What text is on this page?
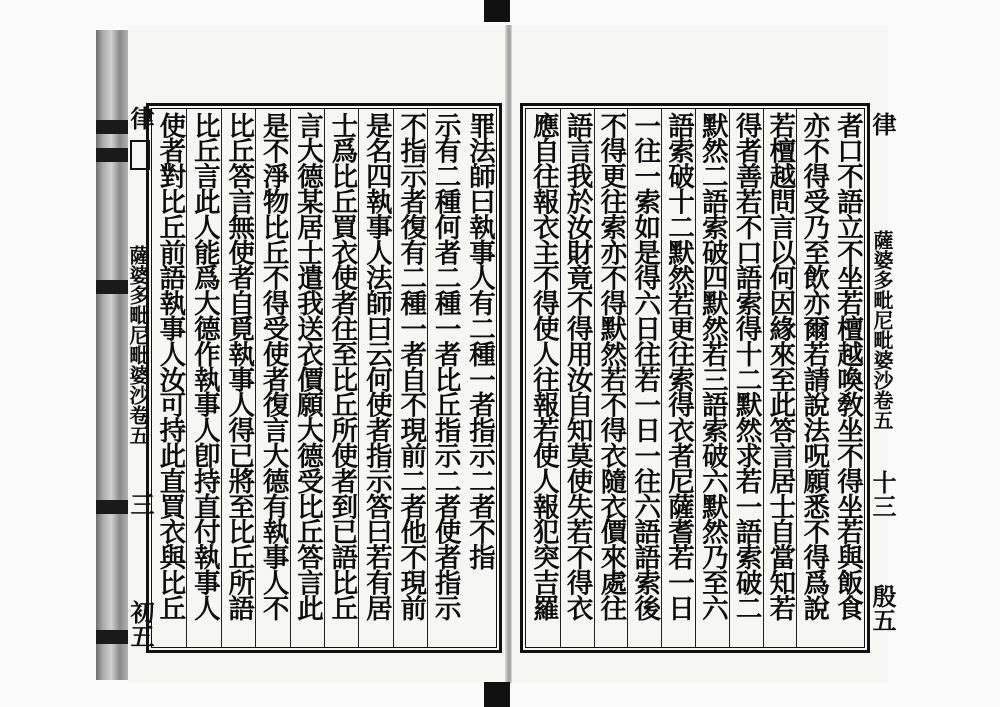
律
薩婆多毗尼毗婆沙卷五
三
初五
律
薩婆多毗尼毗婆沙卷五
十三
殷五
罪法師曰執事人有二種一者指示二者不指
示有二種何者二種一者比丘指示二者使者指示
不指示者復有二種一者自不現前二者他不現前
是名四執事人法師曰云何使者指示答曰若有居
士爲比丘買衣使者往至比丘所使者到已語比丘
言大德某居士遣我送衣價願大德受比丘答言此
是不淨物比丘不得受使者復言大德有執事人不
比丘答言無使者自覓執事人得已將至比丘所語
比丘言此人能爲大德作執事人卽持直付執事人
使者對比丘前語執事人汝可持此直買衣與比丘	者口不語立不坐若檀越喚敎坐不得坐若與飯食
亦不得受乃至飲亦爾若請說法呪願悉不得爲說
若檀越問言以何因緣來至此答言居士自當知若
得者善若不口語索得十二默然求若一語索破二
默然二語索破四默然若三語索破六默然乃至六
語索破十二默然若更往索得衣者尼薩耆若一日
一往一索如是得六日往若一日一往六語語索後
不得更往索亦不得默然若不得衣隨衣價來處往
語言我於汝財竟不得用汝自知莫使失若不得衣
應自往報衣主不得使人往報若使人報犯突吉羅
